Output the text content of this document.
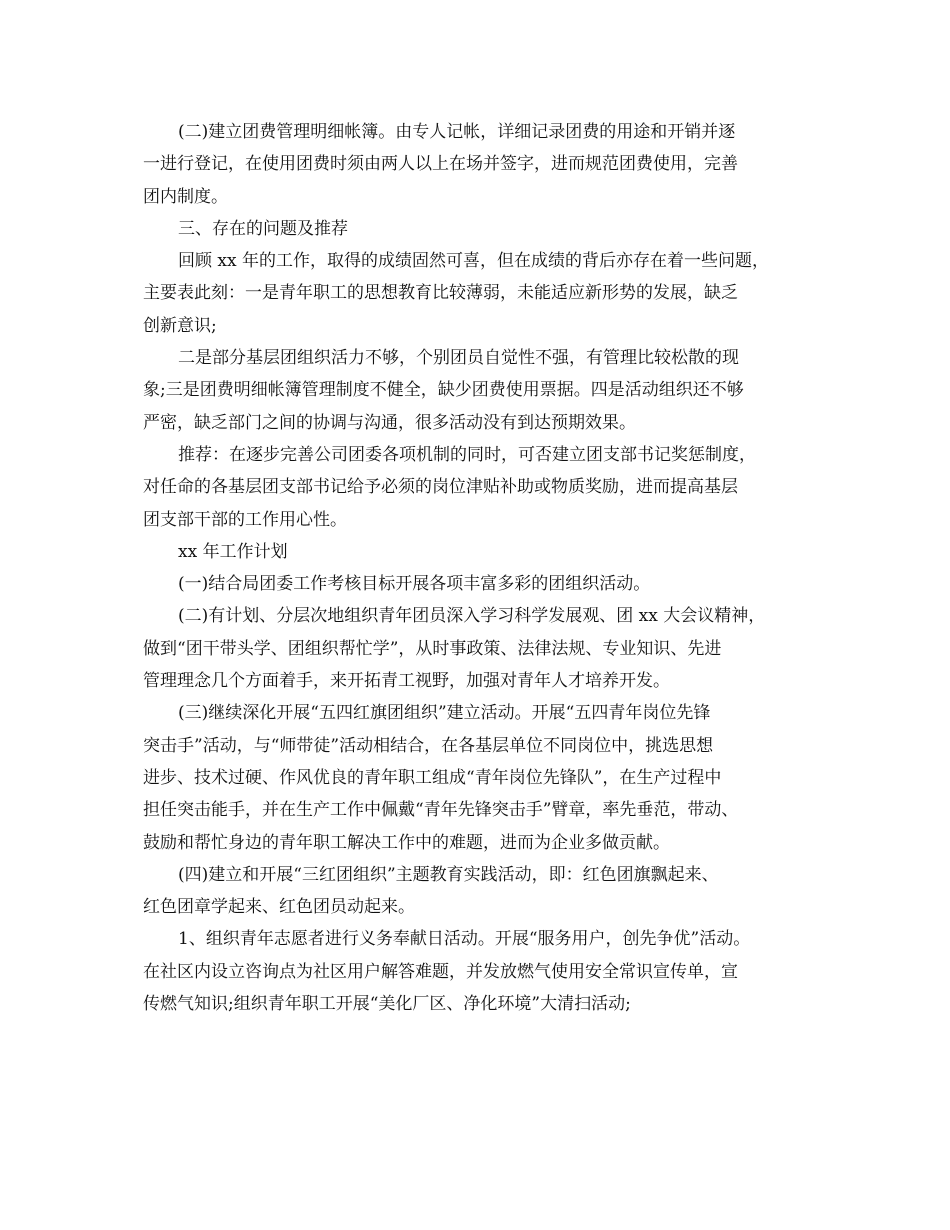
(二)建立团费管理明细帐簿。由专人记帐，详细记录团费的用途和开销并逐
一进行登记，在使用团费时须由两人以上在场并签字，进而规范团费使用，完善
团内制度。
三、存在的问题及推荐
回顾 xx 年的工作，取得的成绩固然可喜，但在成绩的背后亦存在着一些问题，
主要表此刻：一是青年职工的思想教育比较薄弱，未能适应新形势的发展，缺乏
创新意识;
二是部分基层团组织活力不够，个别团员自觉性不强，有管理比较松散的现
象;三是团费明细帐簿管理制度不健全，缺少团费使用票据。四是活动组织还不够
严密，缺乏部门之间的协调与沟通，很多活动没有到达预期效果。
推荐：在逐步完善公司团委各项机制的同时，可否建立团支部书记奖惩制度，
对任命的各基层团支部书记给予必须的岗位津贴补助或物质奖励，进而提高基层
团支部干部的工作用心性。
xx 年工作计划
(一)结合局团委工作考核目标开展各项丰富多彩的团组织活动。
(二)有计划、分层次地组织青年团员深入学习科学发展观、团 xx 大会议精神，
做到“团干带头学、团组织帮忙学”，从时事政策、法律法规、专业知识、先进
管理理念几个方面着手，来开拓青工视野，加强对青年人才培养开发。
(三)继续深化开展“五四红旗团组织”建立活动。开展“五四青年岗位先锋
突击手”活动，与“师带徒”活动相结合，在各基层单位不同岗位中，挑选思想
进步、技术过硬、作风优良的青年职工组成“青年岗位先锋队”，在生产过程中
担任突击能手，并在生产工作中佩戴“青年先锋突击手”臂章，率先垂范，带动、
鼓励和帮忙身边的青年职工解决工作中的难题，进而为企业多做贡献。
(四)建立和开展“三红团组织”主题教育实践活动，即：红色团旗飘起来、
红色团章学起来、红色团员动起来。
1、组织青年志愿者进行义务奉献日活动。开展“服务用户，创先争优”活动。
在社区内设立咨询点为社区用户解答难题，并发放燃气使用安全常识宣传单，宣
传燃气知识;组织青年职工开展“美化厂区、净化环境”大清扫活动;
